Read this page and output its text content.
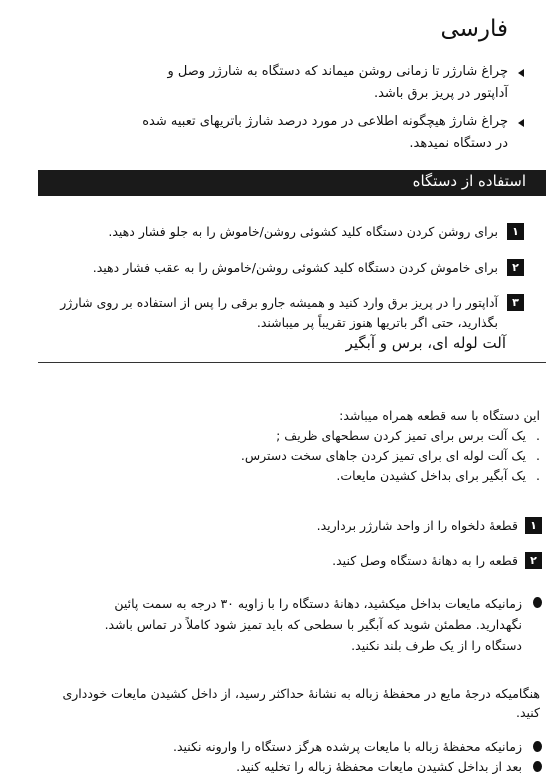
فارسی
چراغ شارژر تا زمانی روشن میماند که دستگاه به شارژر وصل و آداپتور در پریز برق باشد.
چراغ شارژ هیچگونه اطلاعی در مورد درصد شارژ باتریهای تعبیه شده در دستگاه نمیدهد.
استفاده از دستگاه
۱
برای روشن کردن دستگاه کلید کشوئی روشن/خاموش را به جلو فشار دهید.
۲
برای خاموش کردن دستگاه کلید کشوئی روشن/خاموش را به عقب فشار دهید.
۳
آداپتور را در پریز برق وارد کنید و همیشه جارو برقی را پس از استفاده بر روی شارژر بگذارید، حتی اگر باتریها هنوز تقریباً پر میباشند.
آلت لوله ای، برس و آبگیر
این دستگاه با سه قطعه همراه میباشد:
.
یک آلت برس برای تمیز کردن سطحهای ظریف ;
.
یک آلت لوله ای برای تمیز کردن جاهای سخت دسترس.
.
یک آبگیر برای بداخل کشیدن مایعات.
۱
قطعهٔ دلخواه را از واحد شارژر بردارید.
۲
قطعه را به دهانهٔ دستگاه وصل کنید.
زمانیکه مایعات بداخل میکشید، دهانهٔ دستگاه را با زاویه ۳۰ درجه به سمت پائین نگهدارید. مطمئن شوید که آبگیر با سطحی که باید تمیز شود کاملاً در تماس باشد. دستگاه را از یک طرف بلند نکنید.
هنگامیکه درجهٔ مایع در محفظهٔ زباله به نشانهٔ حداکثر رسید، از داخل کشیدن مایعات خودداری کنید.
زمانیکه محفظهٔ زباله با مایعات پرشده هرگز دستگاه را وارونه نکنید.
بعد از بداخل کشیدن مایعات محفظهٔ زباله را تخلیه کنید.
